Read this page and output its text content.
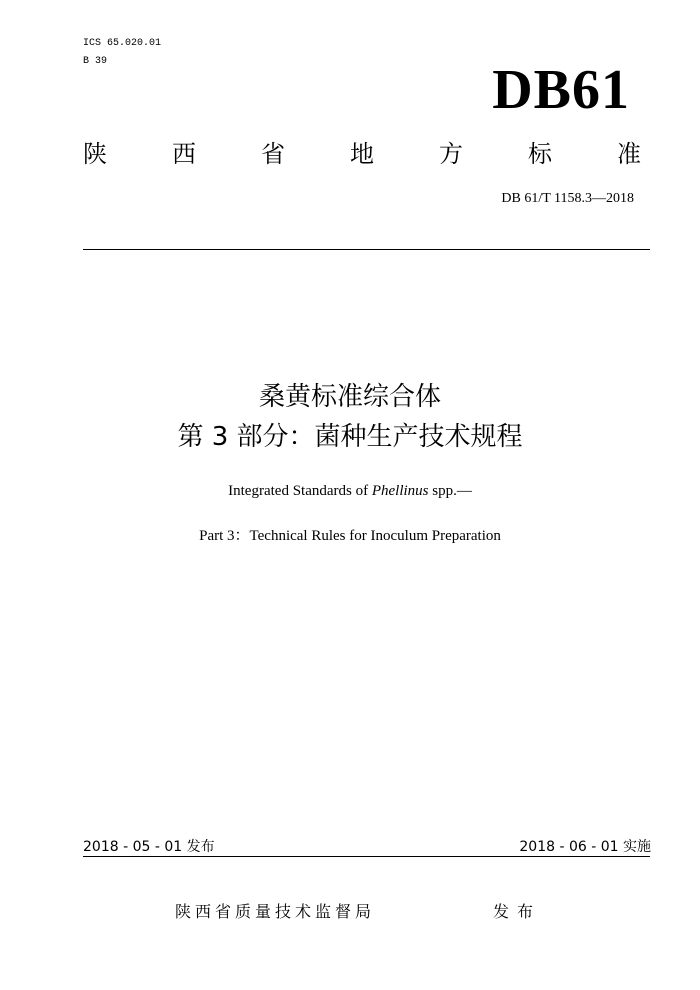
ICS 65.020.01
B 39	DB61
陕	西	省	地	方	标	准
DB 61/T 1158.3—2018
桑黄标准综合体
第 3 部分：菌种生产技术规程
Integrated Standards of Phellinus spp.—
Part 3：Technical Rules for Inoculum Preparation
2018 - 05 - 01 发布	2018 - 06 - 01 实施
陕西省质量技术监督局	发布
